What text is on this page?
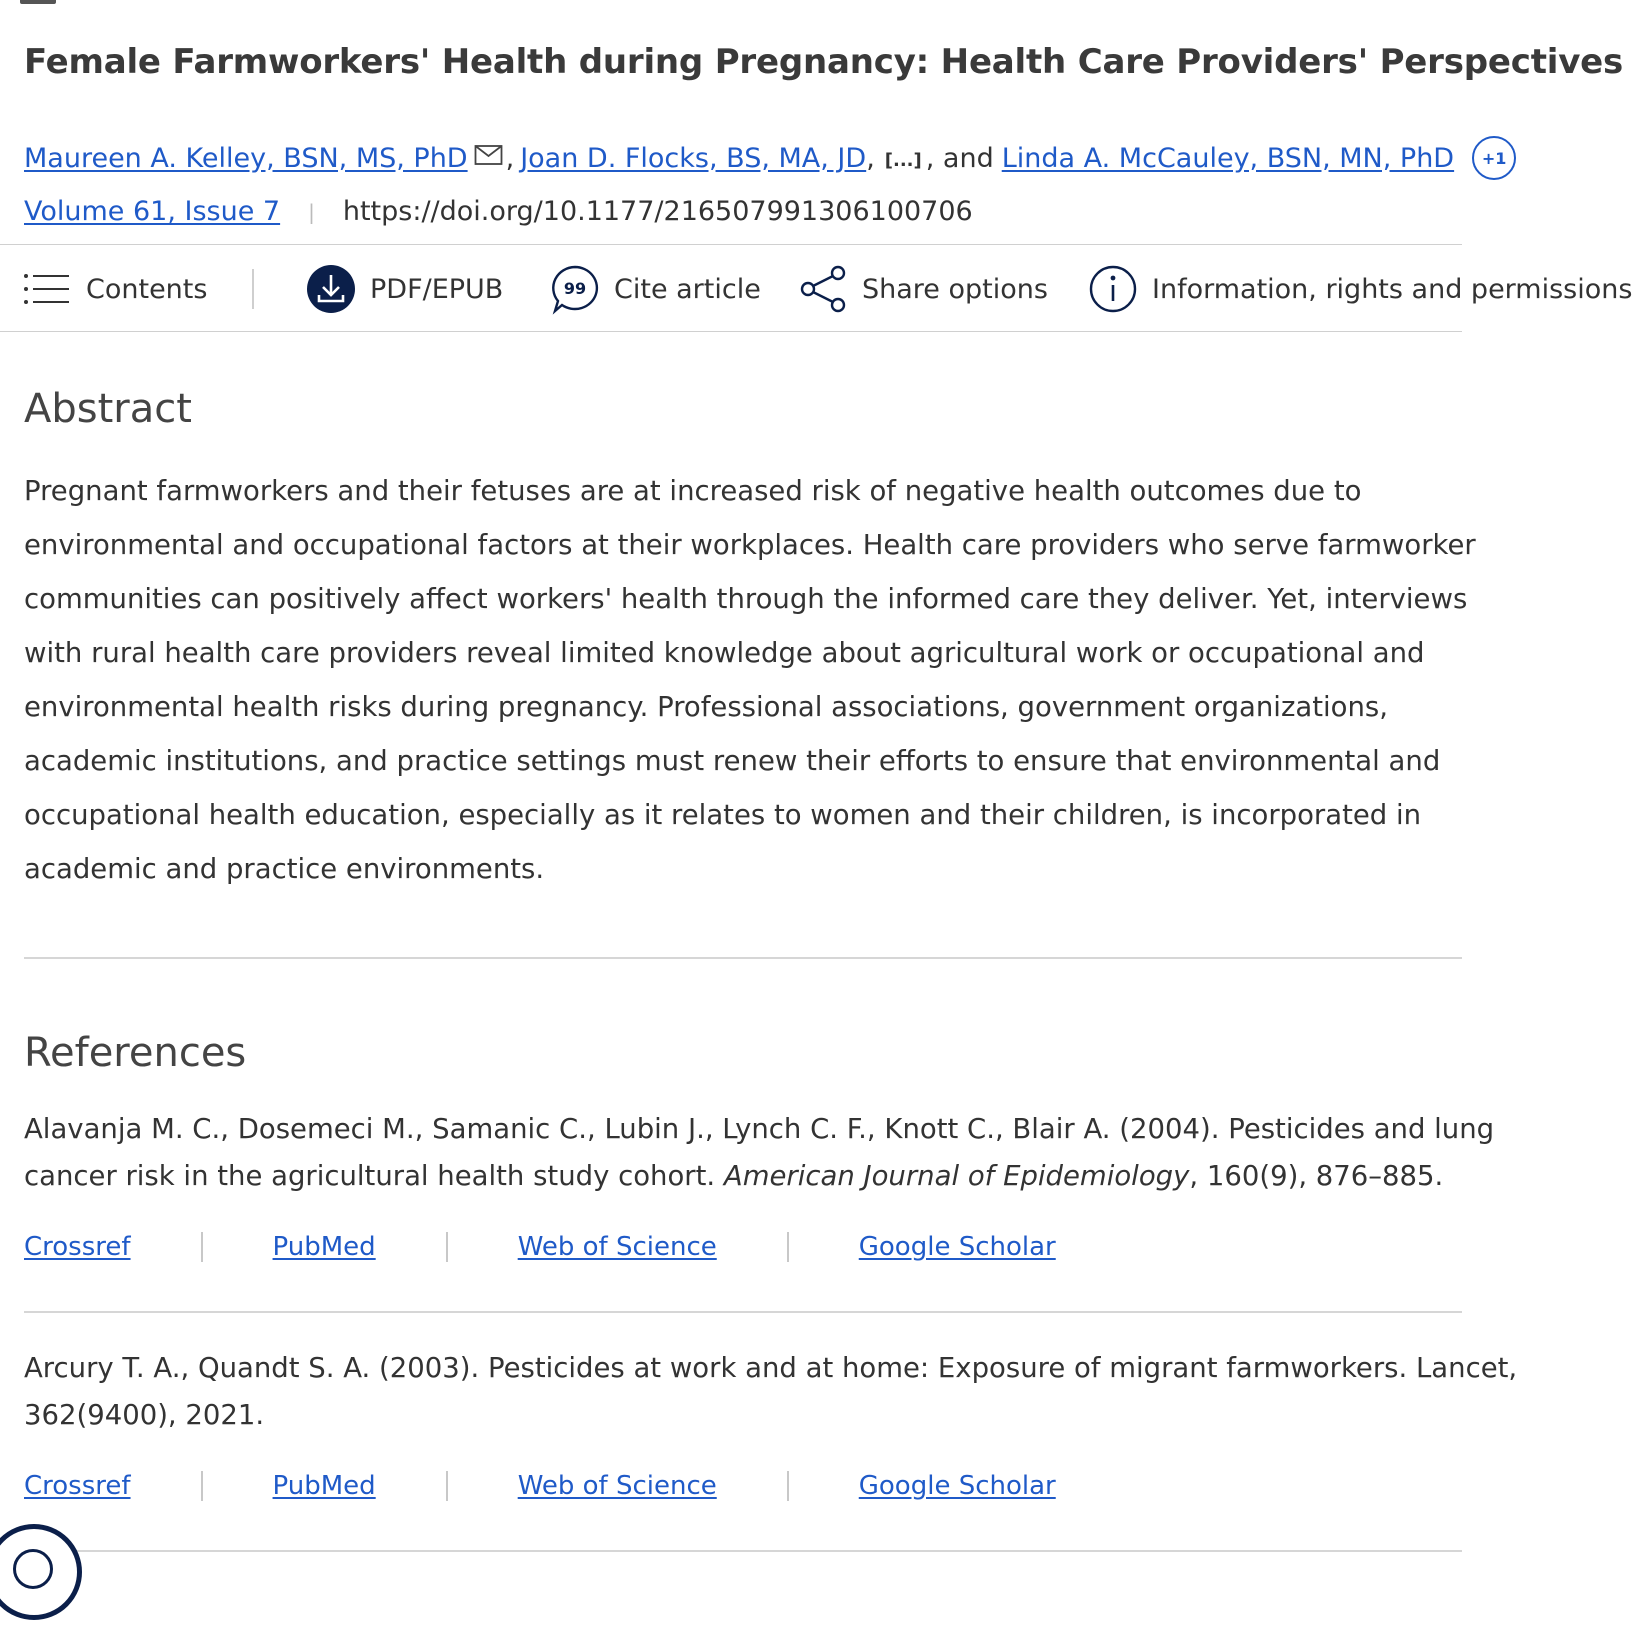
Female Farmworkers' Health during Pregnancy: Health Care Providers' Perspectives
Maureen A. Kelley, BSN, MS, PhD , Joan D. Flocks, BS, MA, JD , [...] , and Linda A. McCauley, BSN, MN, PhD	+1
Volume 61, Issue 7 | https://doi.org/10.1177/216507991306100706
Contents	PDF/EPUB	99 Cite article	Share options	Information, rights and permissions
Abstract
Pregnant farmworkers and their fetuses are at increased risk of negative health outcomes due to
environmental and occupational factors at their workplaces. Health care providers who serve farmworker
communities can positively affect workers' health through the informed care they deliver. Yet, interviews
with rural health care providers reveal limited knowledge about agricultural work or occupational and
environmental health risks during pregnancy. Professional associations, government organizations,
academic institutions, and practice settings must renew their efforts to ensure that environmental and
occupational health education, especially as it relates to women and their children, is incorporated in
academic and practice environments.
References
Alavanja M. C., Dosemeci M., Samanic C., Lubin J., Lynch C. F., Knott C., Blair A. (2004). Pesticides and lung
cancer risk in the agricultural health study cohort. American Journal of Epidemiology, 160(9), 876–885.
Crossref	PubMed	Web of Science	Google Scholar
Arcury T. A., Quandt S. A. (2003). Pesticides at work and at home: Exposure of migrant farmworkers. Lancet,
362(9400), 2021.
Crossref	PubMed	Web of Science	Google Scholar
